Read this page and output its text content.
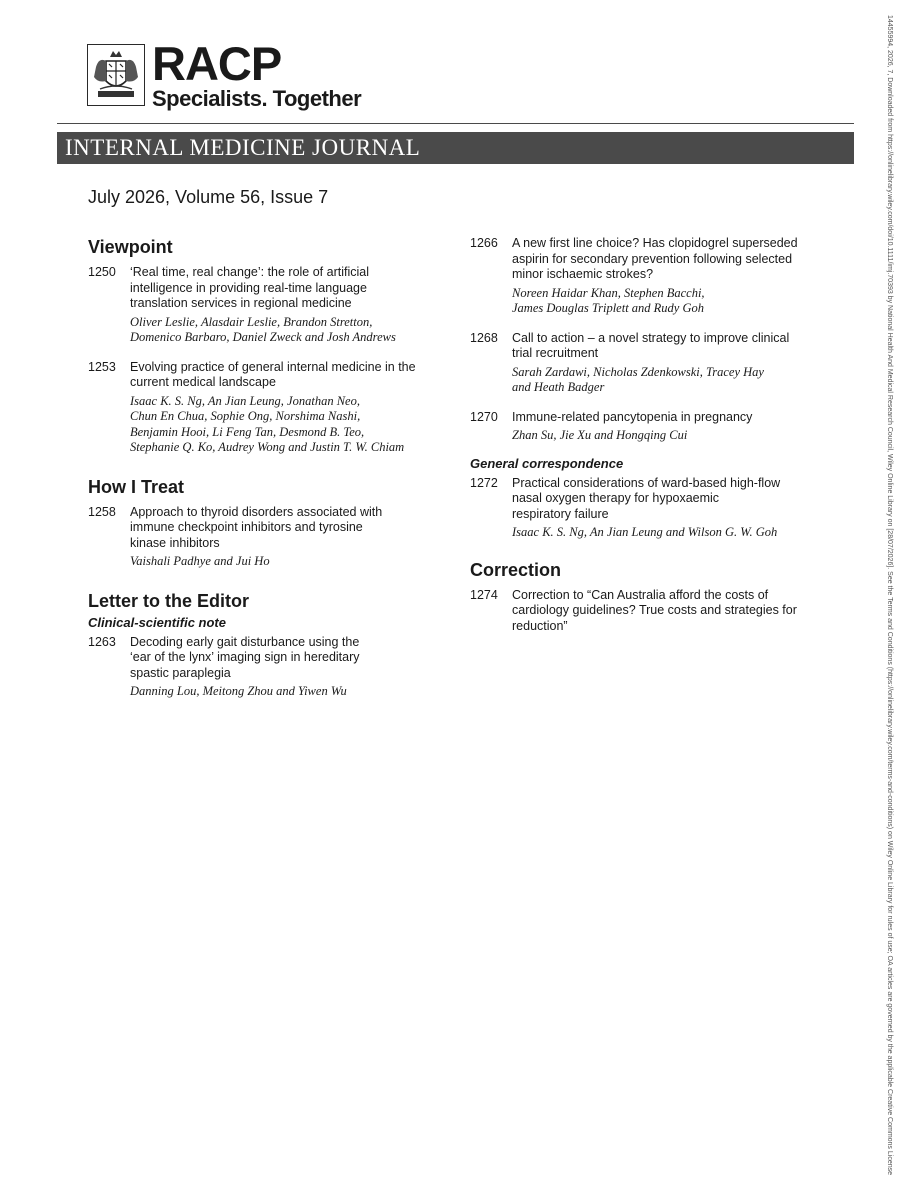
RACP
Specialists. Together
INTERNAL MEDICINE JOURNAL
July 2026, Volume 56, Issue 7
Viewpoint
1250	‘Real time, real change’: the role of artificial
intelligence in providing real-time language
translation services in regional medicine
Oliver Leslie, Alasdair Leslie, Brandon Stretton,
Domenico Barbaro, Daniel Zweck and Josh Andrews
1253	Evolving practice of general internal medicine in the
current medical landscape
Isaac K. S. Ng, An Jian Leung, Jonathan Neo,
Chun En Chua, Sophie Ong, Norshima Nashi,
Benjamin Hooi, Li Feng Tan, Desmond B. Teo,
Stephanie Q. Ko, Audrey Wong and Justin T. W. Chiam
How I Treat
1258	Approach to thyroid disorders associated with
immune checkpoint inhibitors and tyrosine
kinase inhibitors
Vaishali Padhye and Jui Ho
Letter to the Editor
Clinical-scientific note
1263	Decoding early gait disturbance using the
‘ear of the lynx’ imaging sign in hereditary
spastic paraplegia
Danning Lou, Meitong Zhou and Yiwen Wu
1266	A new first line choice? Has clopidogrel superseded
aspirin for secondary prevention following selected
minor ischaemic strokes?
Noreen Haidar Khan, Stephen Bacchi,
James Douglas Triplett and Rudy Goh
1268	Call to action – a novel strategy to improve clinical
trial recruitment
Sarah Zardawi, Nicholas Zdenkowski, Tracey Hay
and Heath Badger
1270	Immune-related pancytopenia in pregnancy
Zhan Su, Jie Xu and Hongqing Cui
General correspondence
1272	Practical considerations of ward-based high-flow
nasal oxygen therapy for hypoxaemic
respiratory failure
Isaac K. S. Ng, An Jian Leung and Wilson G. W. Goh
Correction
1274	Correction to “Can Australia afford the costs of
cardiology guidelines? True costs and strategies for
reduction”	14455994, 2026, 7, Downloaded from https://onlinelibrary.wiley.com/doi/10.1111/imj.70393 by National Health And Medical Research Council, Wiley Online Library on [28/07/2026]. See the Terms and Conditions (https://onlinelibrary.wiley.com/terms-and-conditions) on Wiley Online Library for rules of use; OA articles are governed by the applicable Creative Commons License
